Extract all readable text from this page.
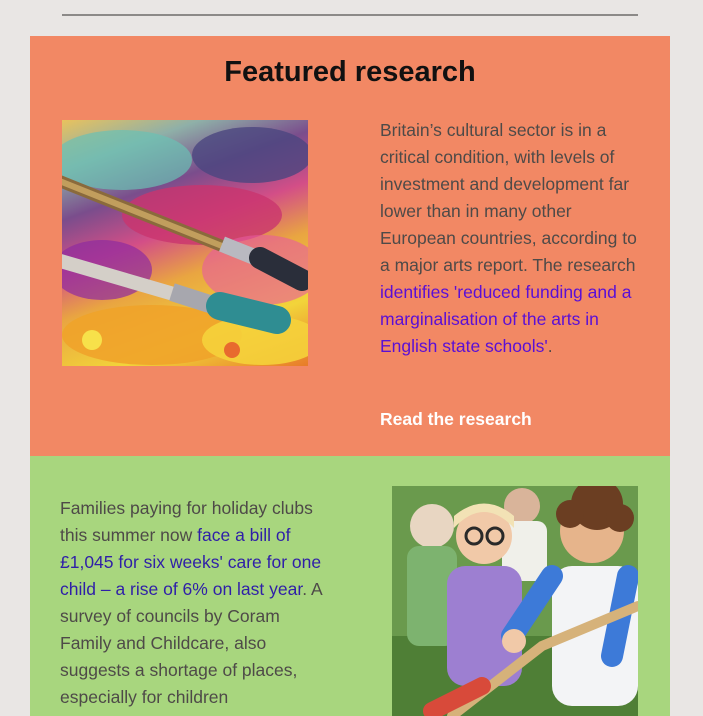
Featured research

Britain’s cultural sector is in a critical condition, with levels of investment and development far lower than in many other European countries, according to a major arts report. The research identifies 'reduced funding and a marginalisation of the arts in English state schools'.

Read the research

Families paying for holiday clubs this summer now face a bill of £1,045 for six weeks' care for one child – a rise of 6% on last year. A survey of councils by Coram Family and Childcare, also suggests a shortage of places, especially for children
